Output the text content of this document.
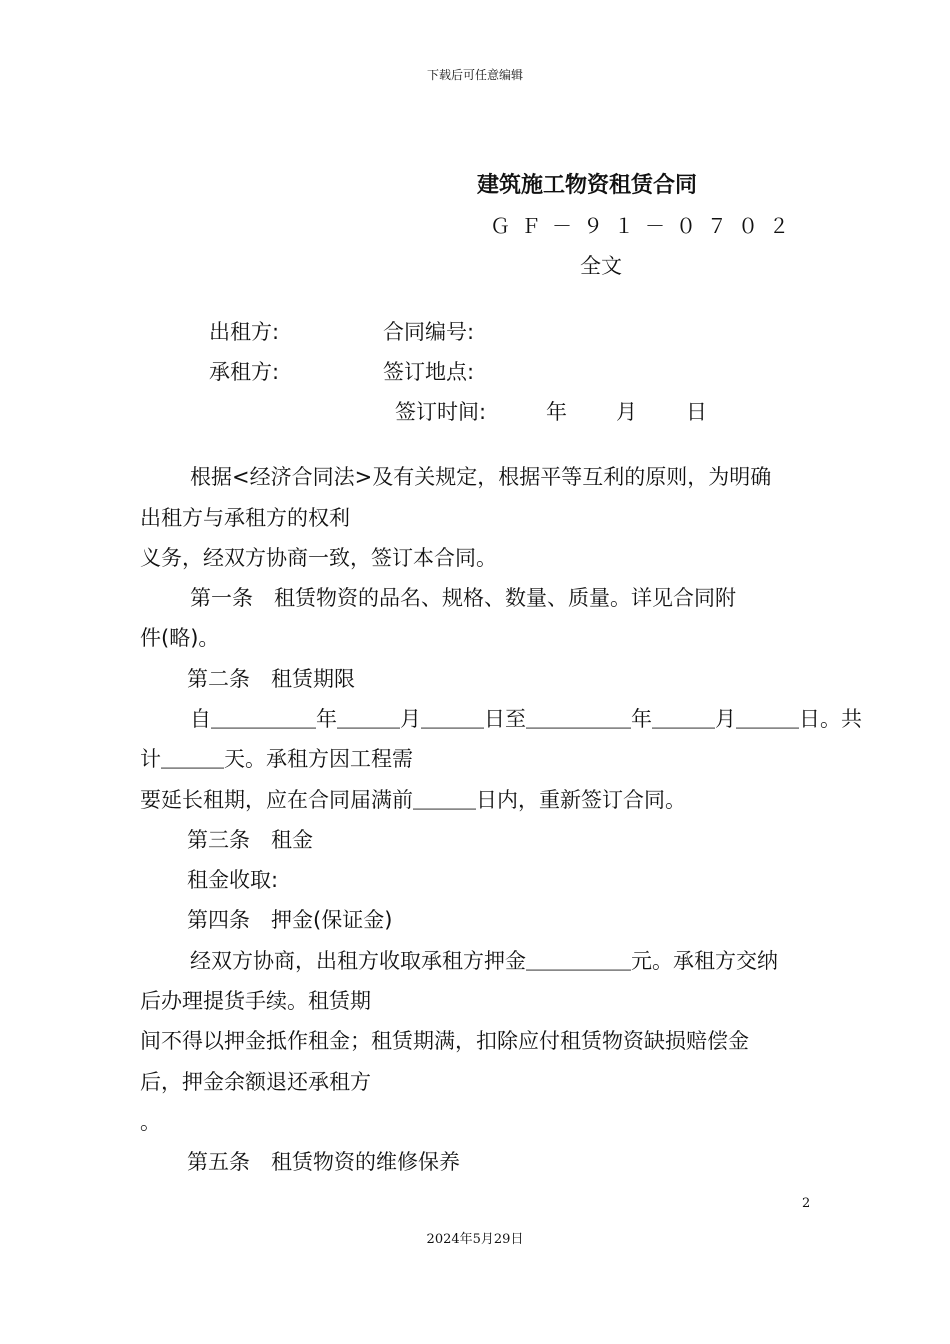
下载后可任意编辑
建筑施工物资租赁合同
ＧＦ－９１－０７０２
全文
出租方:	合同编号:
承租方:	签订地点:
签订时间:	年 月 日
根据<经济合同法>及有关规定，根据平等互利的原则，为明确
出租方与承租方的权利
义务，经双方协商一致，签订本合同。
第一条　租赁物资的品名、规格、数量、质量。详见合同附
件(略)。
第二条　租赁期限
自＿＿＿＿＿年＿＿＿月＿＿＿日至＿＿＿＿＿年＿＿＿月＿＿＿日。共
计＿＿＿天。承租方因工程需
要延长租期，应在合同届满前＿＿＿日内，重新签订合同。
第三条　租金
租金收取:
第四条　押金(保证金)
经双方协商，出租方收取承租方押金＿＿＿＿＿元。承租方交纳
后办理提货手续。租赁期
间不得以押金抵作租金；租赁期满，扣除应付租赁物资缺损赔偿金
后，押金余额退还承租方
。
第五条　租赁物资的维修保养
2
2024年5月29日
